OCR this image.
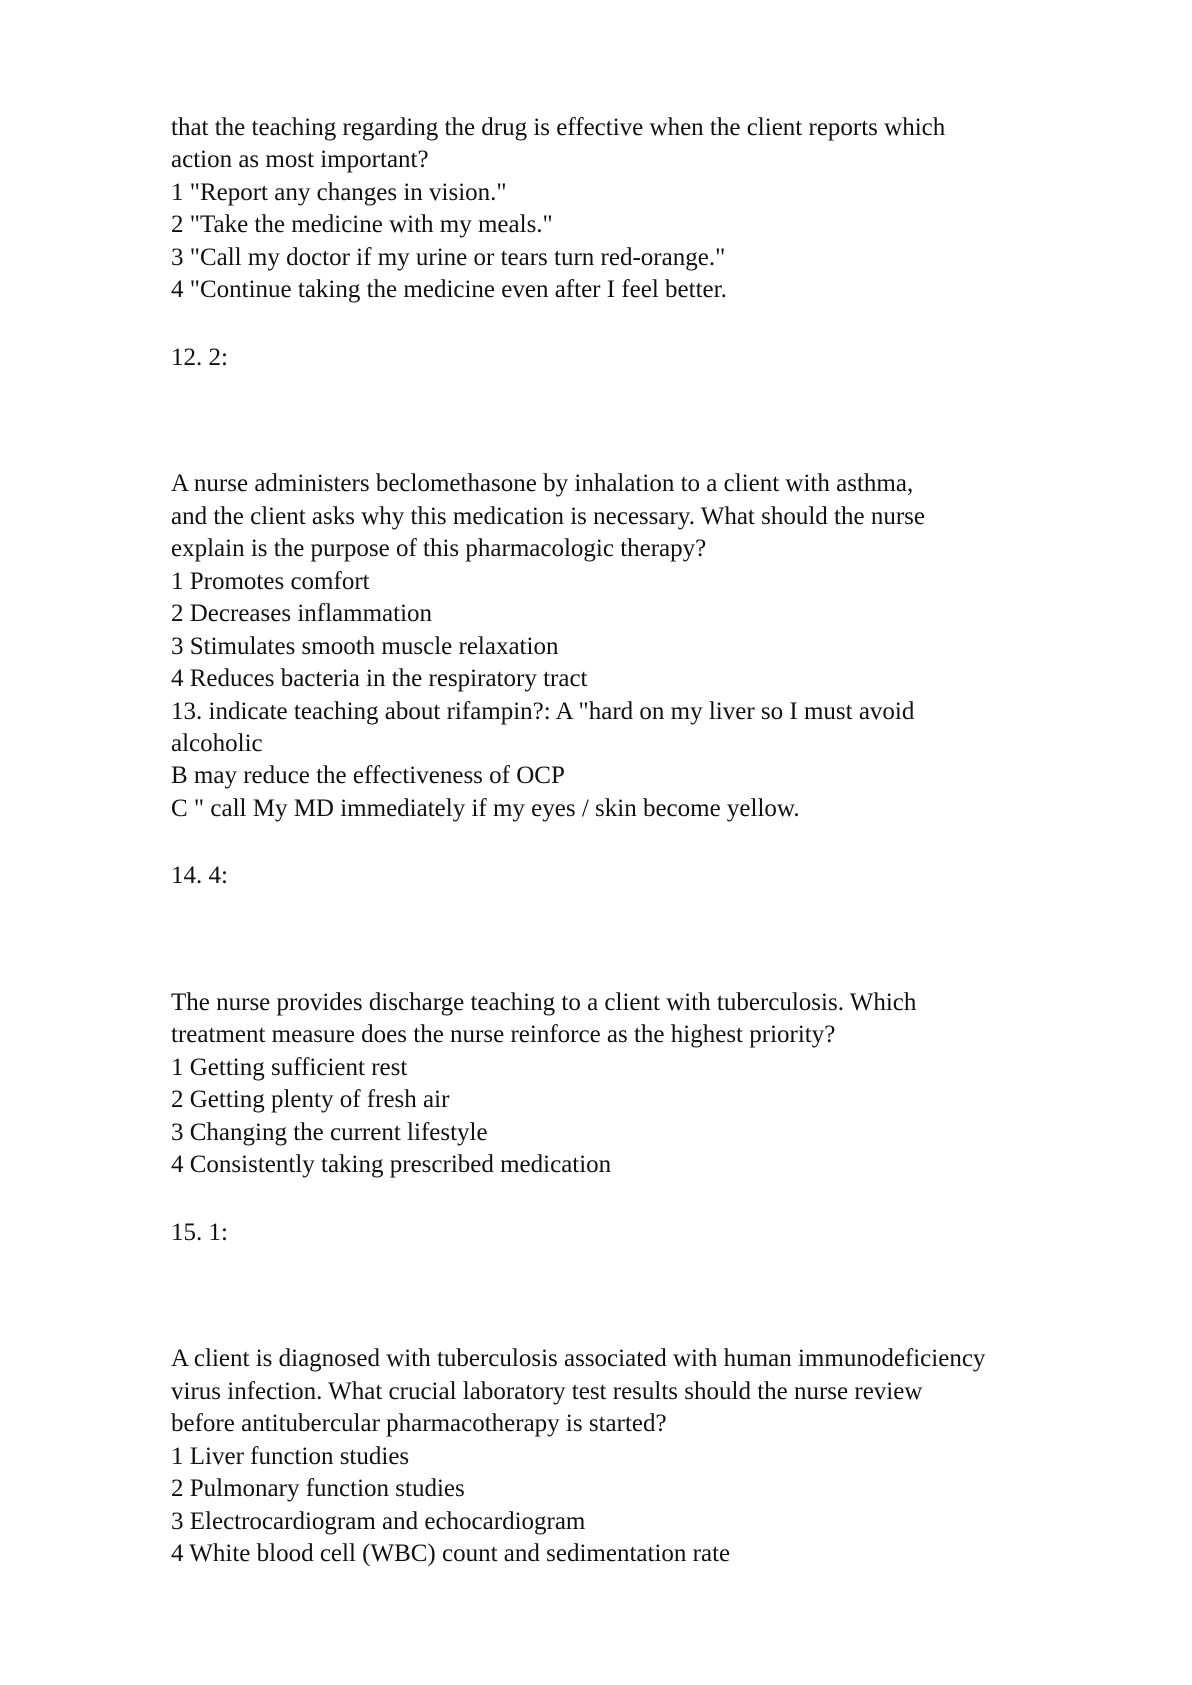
that the teaching regarding the drug is effective when the client reports which
action as most important?
1 "Report any changes in vision."
2 "Take the medicine with my meals."
3 "Call my doctor if my urine or tears turn red-orange."
4 "Continue taking the medicine even after I feel better.
12. 2:
A nurse administers beclomethasone by inhalation to a client with asthma,
and the client asks why this medication is necessary. What should the nurse
explain is the purpose of this pharmacologic therapy?
1 Promotes comfort
2 Decreases inflammation
3 Stimulates smooth muscle relaxation
4 Reduces bacteria in the respiratory tract
13. indicate teaching about rifampin?: A "hard on my liver so I must avoid
alcoholic
B may reduce the effectiveness of OCP
C " call My MD immediately if my eyes / skin become yellow.
14. 4:
The nurse provides discharge teaching to a client with tuberculosis. Which
treatment measure does the nurse reinforce as the highest priority?
1 Getting sufficient rest
2 Getting plenty of fresh air
3 Changing the current lifestyle
4 Consistently taking prescribed medication
15. 1:
A client is diagnosed with tuberculosis associated with human immunodeficiency
virus infection. What crucial laboratory test results should the nurse review
before antitubercular pharmacotherapy is started?
1 Liver function studies
2 Pulmonary function studies
3 Electrocardiogram and echocardiogram
4 White blood cell (WBC) count and sedimentation rate
